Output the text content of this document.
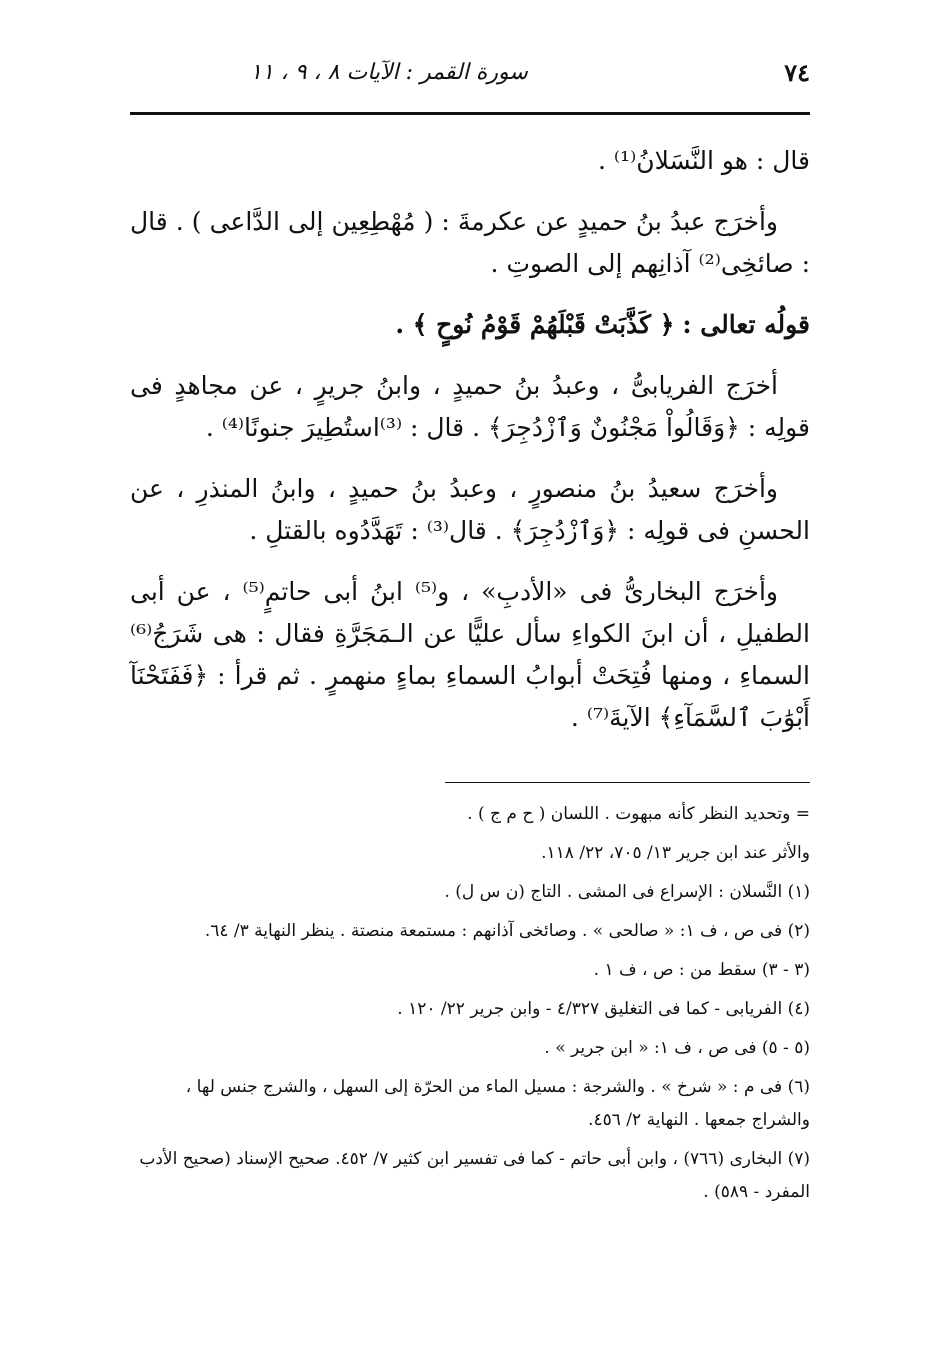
٧٤
سورة القمر : الآيات ٨ ، ٩ ، ١١

قال : هو النَّسَلانُ⁽¹⁾ .

وأخرَج عبدُ بنُ حميدٍ عن عكرمةَ : ( مُهْطِعِين إلى الدَّاعى ) . قال : صائخِى⁽²⁾ آذانِهم إلى الصوتِ .

قولُه تعالى : ﴿ كَذَّبَتْ قَبْلَهُمْ قَوْمُ نُوحٍ ﴾ .

أخرَج الفريابىُّ ، وعبدُ بنُ حميدٍ ، وابنُ جريرٍ ، عن مجاهدٍ فى قولِه : ﴿وَقَالُواْ مَجْنُونٌ وَٱزْدُجِرَ﴾ . قال : ⁽³⁾استُطِيرَ جنونًا⁽⁴⁾ .

وأخرَج سعيدُ بنُ منصورٍ ، وعبدُ بنُ حميدٍ ، وابنُ المنذرِ ، عن الحسنِ فى قولِه : ﴿وَٱزْدُجِرَ﴾ . قال⁽³⁾ : تَهَدَّدُوه بالقتلِ .

وأخرَج البخارىُّ فى «الأدبِ» ، و⁽⁵⁾ ابنُ أبى حاتمٍ⁽⁵⁾ ، عن أبى الطفيلِ ، أن ابنَ الكواءِ سأل عليًّا عن الـمَجَرَّةِ فقال : هى شَرَجُ⁽⁶⁾ السماءِ ، ومنها فُتِحَتْ أبوابُ السماءِ بماءٍ منهمرٍ . ثم قرأ : ﴿فَفَتَحْنَآ أَبْوَٰبَ ٱلسَّمَآءِ﴾ الآيةَ⁽⁷⁾ .

= وتحديد النظر كأنه مبهوت . اللسان ( ح م ج ) .

والأثر عند ابن جرير ١٣/ ٧٠٥، ٢٢/ ١١٨.

(١) النَّسلان : الإسراع فى المشى . التاج (ن س ل) .

(٢) فى ص ، ف ١: « صالحى » . وصائخى آذانهم : مستمعة منصتة . ينظر النهاية ٣/ ٦٤.

(٣ - ٣) سقط من : ص ، ف ١ .

(٤) الفريابى - كما فى التغليق ٤/٣٢٧ - وابن جرير ٢٢/ ١٢٠ .

(٥ - ٥) فى ص ، ف ١: « ابن جرير » .

(٦) فى م : « شرخ » . والشرجة : مسيل الماء من الحرّة إلى السهل ، والشرج جنس لها ، والشراج جمعها . النهاية ٢/ ٤٥٦.

(٧) البخارى (٧٦٦) ، وابن أبى حاتم - كما فى تفسير ابن كثير ٧/ ٤٥٢. صحيح الإسناد (صحيح الأدب المفرد - ٥٨٩) .
